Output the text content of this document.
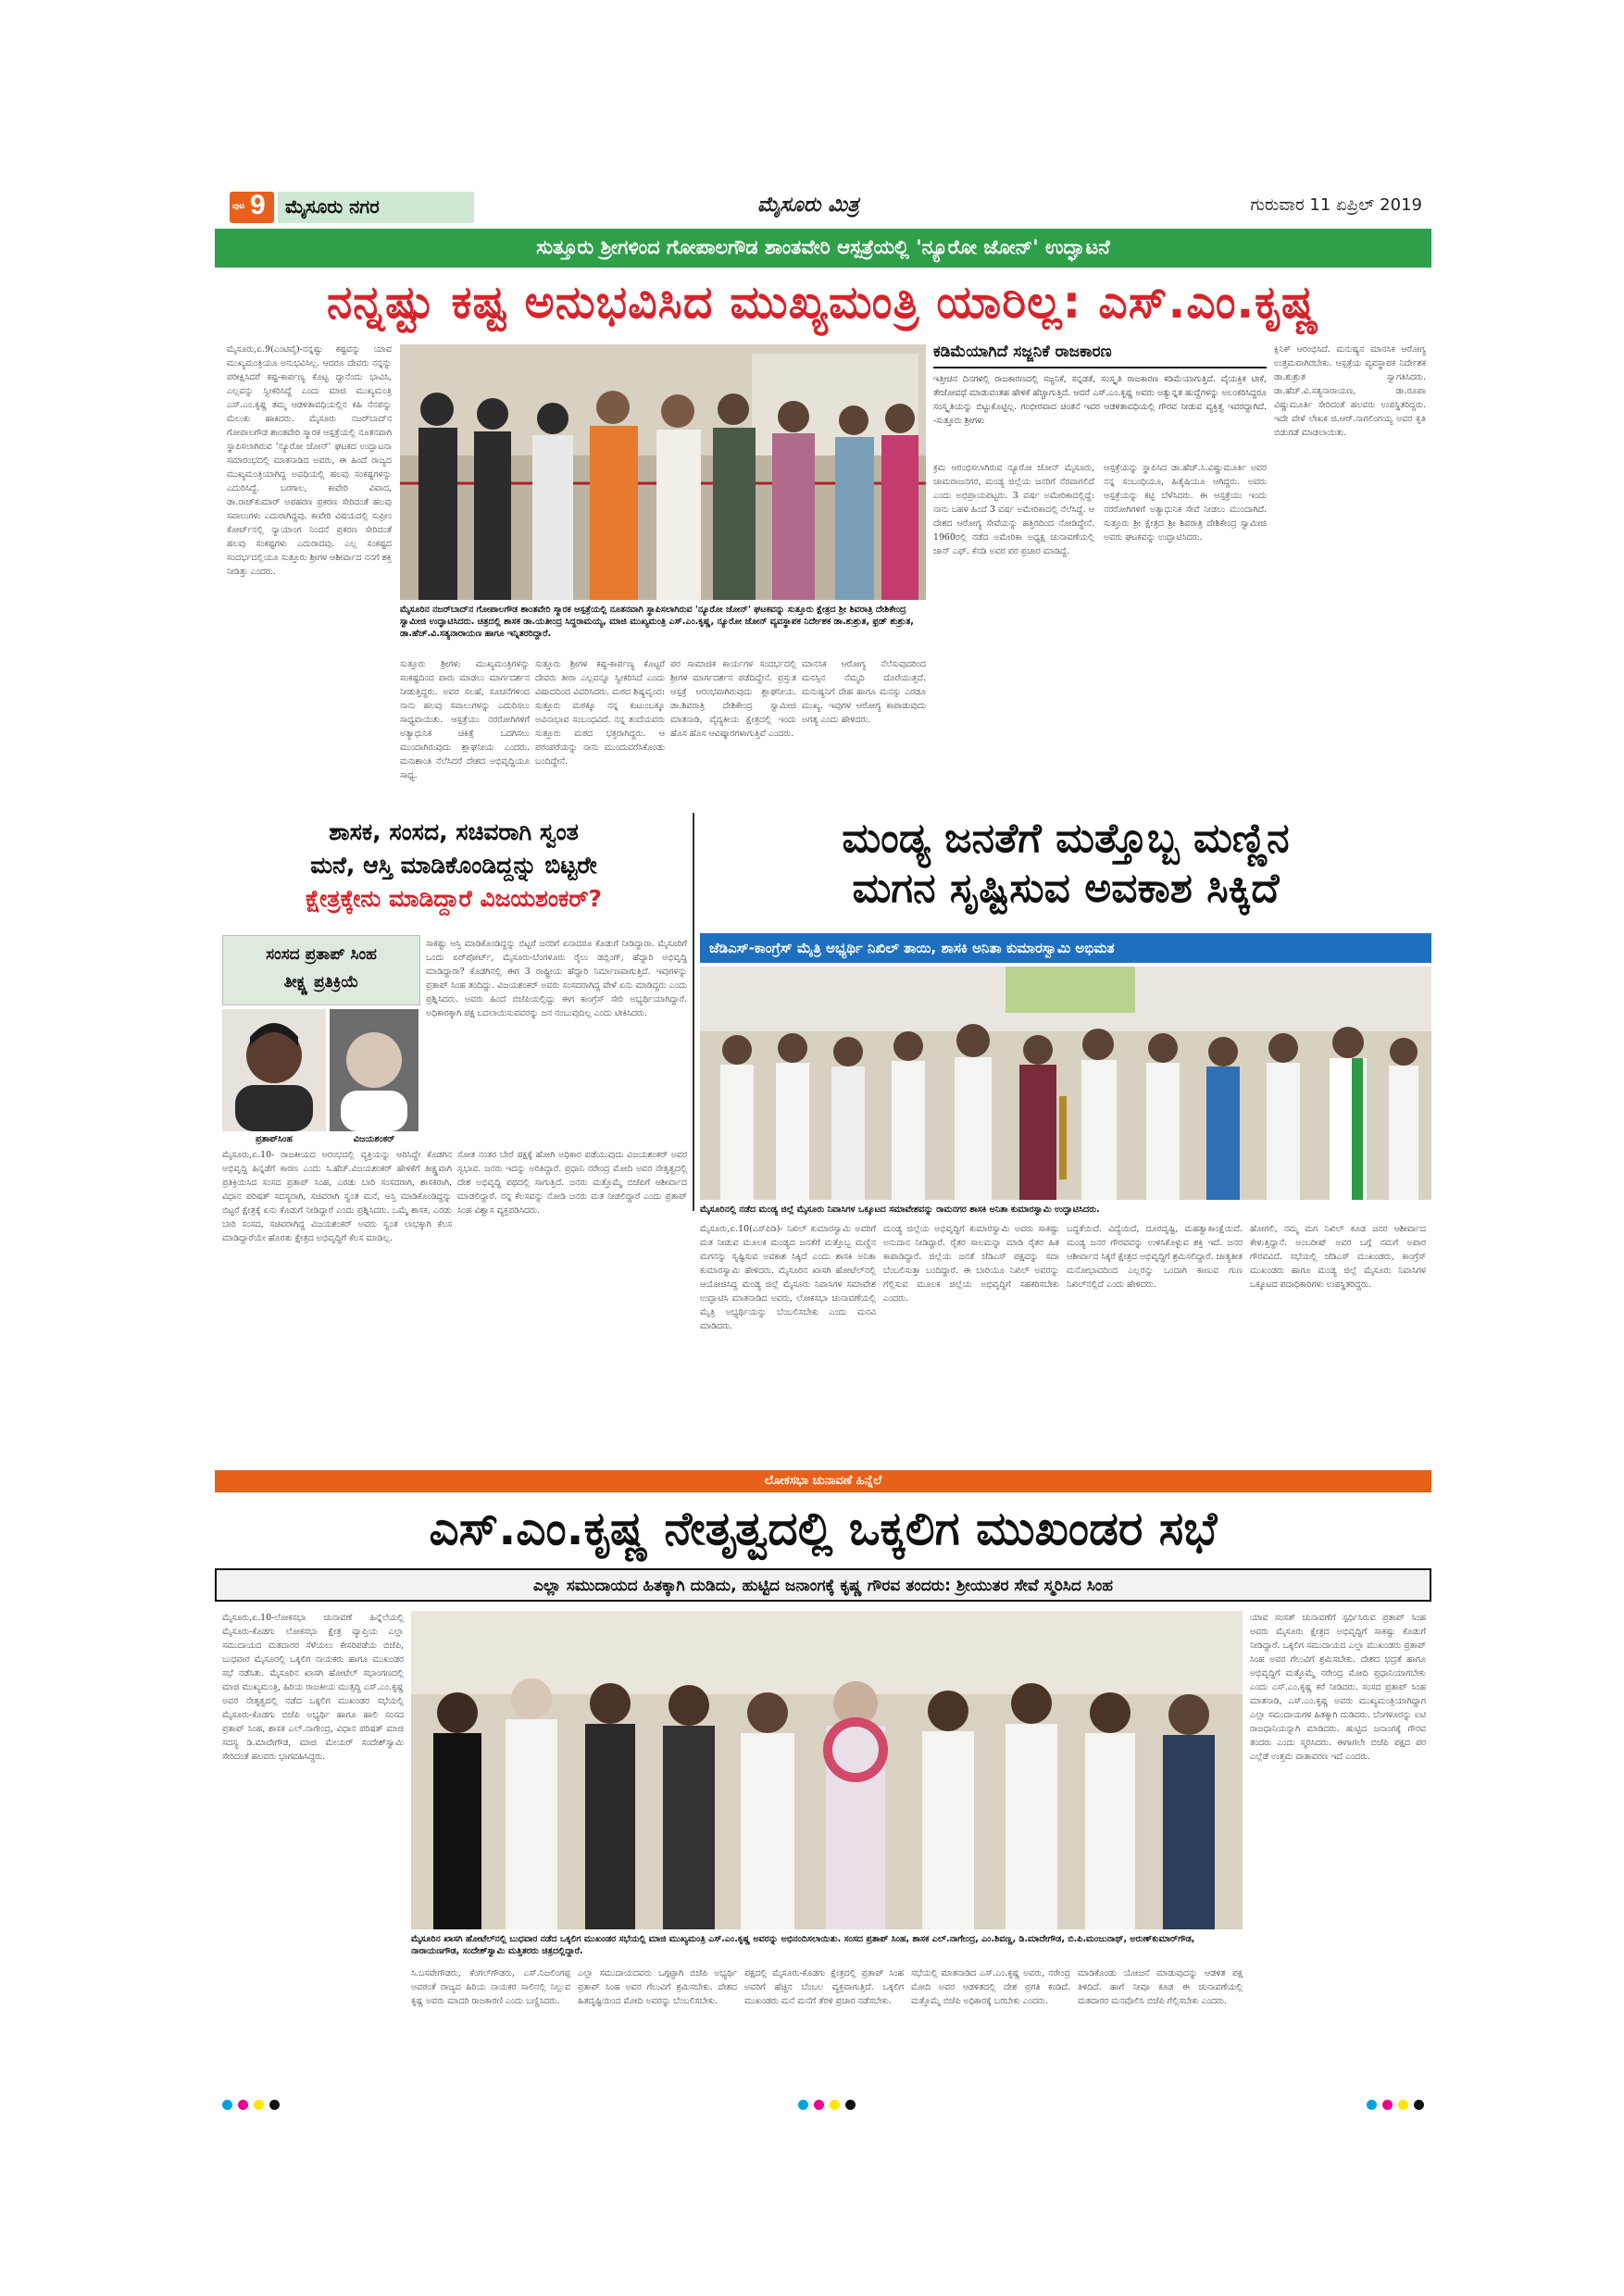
ಪುಟ 9 ಮೈಸೂರು ನಗರ	ಮೈಸೂರು ಮಿತ್ರ	ಗುರುವಾರ 11 ಏಪ್ರಿಲ್ 2019
ಸುತ್ತೂರು ಶ್ರೀಗಳಿಂದ ಗೋಪಾಲಗೌಡ ಶಾಂತವೇರಿ ಆಸ್ಪತ್ರೆಯಲ್ಲಿ 'ನ್ಯೂರೋ ಜೋನ್' ಉದ್ಘಾಟನೆ
ನನ್ನಷ್ಟು ಕಷ್ಟ ಅನುಭವಿಸಿದ ಮುಖ್ಯಮಂತ್ರಿ ಯಾರಿಲ್ಲ: ಎಸ್.ಎಂ.ಕೃಷ್ಣ
ಮೈಸೂರು,ಏ.9(ಎಂಟಿವೈ)-ನನ್ನಷ್ಟು ಕಷ್ಟವನ್ನು ಯಾವ ಮುಖ್ಯಮಂತ್ರಿಯೂ ಅನುಭವಿಸಿಲ್ಲ. ಆದರೂ ದೇವರು ನನ್ನನ್ನು ಪರೀಕ್ಷಿಸಿದರೆ ಕಷ್ಟ-ಕಾರ್ಪಣ್ಯ ಕೊಟ್ಟ ದ್ದಾನೆಂದು ಭಾವಿಸಿ, ಎಲ್ಲವನ್ನು ಸ್ವೀಕರಿಸಿದ್ದೆ ಎಂದು ಮಾಜಿ ಮುಖ್ಯಮಂತ್ರಿ ಎಸ್.ಎಂ.ಕೃಷ್ಣ ತಮ್ಮ ಆಡಳಿತಾವಧಿಯಲ್ಲಿನ ಕಹಿ ನೆನಪನ್ನು ಮೆಲುಕು ಹಾಕಿದರು. ಮೈಸೂರು ನಜರ್‌ಬಾದ್‌ನ ಗೋಪಾಲಗೌಡ ಶಾಂತವೇರಿ ಸ್ಮಾರಕ ಆಸ್ಪತ್ರೆಯಲ್ಲಿ ನೂತನವಾಗಿ ಸ್ಥಾಪಿಸಲಾಗಿರುವ 'ನ್ಯೂರೋ ಜೋನ್' ಘಟಕದ ಉದ್ಘಾಟನಾ ಸಮಾರಂಭದಲ್ಲಿ ಮಾತನಾಡಿದ ಅವರು, ಈ ಹಿಂದೆ ರಾಜ್ಯದ ಮುಖ್ಯಮಂತ್ರಿಯಾಗಿದ್ದ ಅವಧಿಯಲ್ಲಿ ಹಲವು ಸಂಕಷ್ಟಗಳನ್ನು ಎದುರಿಸಿದ್ದೆ. ಬರಗಾಲ, ಕಾವೇರಿ ವಿವಾದ, ಡಾ.ರಾಜ್‌ಕುಮಾರ್ ಅಪಹರಣ ಪ್ರಕರಣ ಸೇರಿದಂತೆ ಹಲವು ಸವಾಲುಗಳು ಎದುರಾಗಿದ್ದವು. ಕಾವೇರಿ ವಿಷಯದಲ್ಲಿ ಸುಪ್ರೀಂ ಕೋರ್ಟ್‌ನಲ್ಲಿ ನ್ಯಾಯಾಂಗ ನಿಂದನೆ ಪ್ರಕರಣ ಸೇರಿದಂತೆ ಹಲವು ಸಂಕಷ್ಟಗಳು ಎದುರಾದವು. ಎಲ್ಲ ಸಂಕಷ್ಟದ ಸಂದರ್ಭದಲ್ಲಿಯೂ ಸುತ್ತೂರು ಶ್ರೀಗಳ ಆಶೀರ್ವಾದ ನನಗೆ ಶಕ್ತಿ ನೀಡಿತ್ತು ಎಂದರು.
ಮೈಸೂರಿನ ನಜರ್‌ಬಾದ್‌ನ ಗೋಪಾಲಗೌಡ ಶಾಂತವೇರಿ ಸ್ಮಾರಕ ಆಸ್ಪತ್ರೆಯಲ್ಲಿ ನೂತನವಾಗಿ ಸ್ಥಾಪಿಸಲಾಗಿರುವ 'ನ್ಯೂರೋ ಜೋನ್' ಘಟಕವನ್ನು ಸುತ್ತೂರು ಕ್ಷೇತ್ರದ ಶ್ರೀ ಶಿವರಾತ್ರಿ ದೇಶಿಕೇಂದ್ರ ಸ್ವಾಮೀಜಿ ಉದ್ಘಾಟಿಸಿದರು. ಚಿತ್ರದಲ್ಲಿ ಶಾಸಕ ಡಾ.ಯತೀಂದ್ರ ಸಿದ್ದರಾಮಯ್ಯ, ಮಾಜಿ ಮುಖ್ಯಮಂತ್ರಿ ಎಸ್.ಎಂ.ಕೃಷ್ಣ, ನ್ಯೂರೋ ಜೋನ್ ವ್ಯವಸ್ಥಾಪಕ ನಿರ್ದೇಶಕ ಡಾ.ಶುಶ್ರುತ, ಫ್ರಡ್ ಶುಶ್ರುತ, ಡಾ.ಹೆಚ್.ವಿ.ಸತ್ಯನಾರಾಯಣ ಹಾಗೂ ಇನ್ನಿತರರಿದ್ದಾರೆ.
ಸುತ್ತೂರು ಶ್ರೀಗಳು ಮುಖ್ಯಮಂತ್ರಿಗಳನ್ನು ಸಂಕಷ್ಟದಿಂದ ಪಾರು ಮಾಡಲು ಮಾರ್ಗದರ್ಶನ ನೀಡುತ್ತಿದ್ದರು. ಅವರ ಸಲಹೆ, ಸೂಚನೆಗಳಿಂದ ನಾನು ಹಲವು ಸವಾಲುಗಳನ್ನು ಎದುರಿಸಲು ಸಾಧ್ಯವಾಯಿತು. ಆಸ್ಪತ್ರೆಯು ನರರೋಗಿಗಳಿಗೆ ಅತ್ಯಾಧುನಿಕ ಚಿಕಿತ್ಸೆ ಒದಗಿಸಲು ಮುಂದಾಗಿರುವುದು ಶ್ಲಾಘನೀಯ ಎಂದರು. ಮನಃಶಾಂತಿ ನೆಲೆಸಿದರೆ ದೇಶದ ಅಭಿವೃದ್ಧಿಯೂ ಸಾಧ್ಯ.
ಸುತ್ತೂರು ಶ್ರೀಗಳ ಕಷ್ಟ-ಕಾರ್ಪಣ್ಯ ಕೊಟ್ಟರೆ ದೇವರು ತೀರಾ ಎಲ್ಲವನ್ನೂ ಸ್ವೀಕರಿಸಿದೆ ಎಂದು ವಿಷಾದದಿಂದ ವಿವರಿಸಿದರು. ಮಠದ ಶಿಷ್ಯವೃಂದ: ಸುತ್ತೂರು ಮಠಕ್ಕೂ ನನ್ನ ಕುಟುಂಬಕ್ಕೂ ಅವಿನಾಭಾವ ಸಂಬಂಧವಿದೆ. ನನ್ನ ತಂದೆಯವರು ಸುತ್ತೂರು ಮಠದ ಭಕ್ತರಾಗಿದ್ದರು. ಆ ಪರಂಪರೆಯನ್ನು ನಾನು ಮುಂದುವರೆಸಿಕೊಂಡು ಬಂದಿದ್ದೇನೆ.
ಪರ ಸಾಮಾಜಿಕ ಕಾರ್ಯಗಳ ಸಂದರ್ಭದಲ್ಲಿ ಶ್ರೀಗಳ ಮಾರ್ಗದರ್ಶನ ಪಡೆದಿದ್ದೇನೆ. ಪ್ರಸ್ತುತ ಆಸ್ಪತ್ರೆ ಆರಂಭವಾಗಿರುವುದು ಶ್ಲಾಘನೀಯ. ಡಾ.ಶಿವರಾತ್ರಿ ದೇಶಿಕೇಂದ್ರ ಸ್ವಾಮೀಜಿ ಮಾತನಾಡಿ, ವೈದ್ಯಕೀಯ ಕ್ಷೇತ್ರದಲ್ಲಿ ಇಂದು ಹೊಸ ಹೊಸ ಆವಿಷ್ಕಾರಗಳಾಗುತ್ತಿವೆ ಎಂದರು.
ಮಾನಸಿಕ ಆರೋಗ್ಯ ನೆಲೆಸುವುದರಿಂದ ಮನಸ್ಸಿನ ನೆಮ್ಮದಿ ದೊರೆಯುತ್ತದೆ. ಮನುಷ್ಯನಿಗೆ ದೇಹ ಹಾಗೂ ಮನಸ್ಸು ಎರಡೂ ಮುಖ್ಯ. ಇವುಗಳ ಆರೋಗ್ಯ ಕಾಪಾಡುವುದು ಅಗತ್ಯ ಎಂದು ಹೇಳಿದರು.
ಕಡಿಮೆಯಾಗಿದೆ ಸಜ್ಜನಿಕೆ ರಾಜಕಾರಣ
ಇತ್ತೀಚಿನ ದಿನಗಳಲ್ಲಿ ರಾಜಕಾರಣದಲ್ಲಿ ಸಜ್ಜನಿಕೆ, ಸನ್ನಡತೆ, ಸಂಸ್ಕೃತಿ ರಾಜಕಾರಣ ಕಡಿಮೆಯಾಗುತ್ತಿದೆ. ವೈಯಕ್ತಿಕ ಟೀಕೆ, ತೇಜೋವಧೆ ಮಾಡುವಂತಹ ಹೇಳಿಕೆ ಹೆಚ್ಚಾಗುತ್ತಿದೆ. ಆದರೆ ಎಸ್.ಎಂ.ಕೃಷ್ಣ ಅವರು ಅತ್ಯುನ್ನತ ಹುದ್ದೆಗಳನ್ನು ಅಲಂಕರಿಸಿದ್ದರೂ ಸಂಸ್ಕೃತಿಯನ್ನು ಬಿಟ್ಟುಕೊಟ್ಟಿಲ್ಲ. ಗಂಭೀರವಾದ ಚಿಂತನೆ ಇವರ ಆಡಳಿತಾವಧಿಯಲ್ಲಿ ಗೌರವ ನೀಡುವ ವ್ಯಕ್ತಿತ್ವ ಇವರದ್ದಾಗಿದೆ. -ಸುತ್ತೂರು ಶ್ರೀಗಳು
ಕ್ರಮ ಆರಂಭಿಸಲಾಗಿರುವ ನ್ಯೂರೋ ಜೋನ್ ಮೈಸೂರು, ಚಾಮರಾಜನಗರ, ಮಂಡ್ಯ ಜಿಲ್ಲೆಯ ಜನರಿಗೆ ನೆರವಾಗಲಿದೆ ಎಂದು ಅಭಿಪ್ರಾಯಪಟ್ಟರು. 3 ವರ್ಷ ಅಮೇರಿಕಾದಲ್ಲಿದ್ದೆ: ನಾನು ಬಹಳ ಹಿಂದೆ 3 ವರ್ಷ ಅಮೇರಿಕಾದಲ್ಲಿ ನೆಲೆಸಿದ್ದೆ. ಆ ದೇಶದ ಆರೋಗ್ಯ ಸೇವೆಯನ್ನು ಹತ್ತಿರದಿಂದ ನೋಡಿದ್ದೇನೆ. 1960ರಲ್ಲಿ ನಡೆದ ಅಮೇರಿಕಾ ಅಧ್ಯಕ್ಷ ಚುನಾವಣೆಯಲ್ಲಿ ಜಾನ್ ಎಫ್. ಕೆನಡಿ ಅವರ ಪರ ಪ್ರಚಾರ ಮಾಡಿದ್ದೆ.
ಆಸ್ಪತ್ರೆಯನ್ನು ಸ್ಥಾಪಿಸಿದ ಡಾ.ಹೆಚ್.ಸಿ.ವಿಷ್ಣುಮೂರ್ತಿ ಅವರ ನನ್ನ ಸಂಬಂಧಿಯೂ, ಹಿತೈಷಿಯೂ ಆಗಿದ್ದರು. ಅವರು ಆಸ್ಪತ್ರೆಯನ್ನು ಕಟ್ಟಿ ಬೆಳೆಸಿದರು. ಈ ಆಸ್ಪತ್ರೆಯು ಇಂದು ನರರೋಗಿಗಳಿಗೆ ಅತ್ಯಾಧುನಿಕ ಸೇವೆ ನೀಡಲು ಮುಂದಾಗಿದೆ. ಸುತ್ತೂರು ಶ್ರೀ ಕ್ಷೇತ್ರದ ಶ್ರೀ ಶಿವರಾತ್ರಿ ದೇಶಿಕೇಂದ್ರ ಸ್ವಾಮೀಜಿ ಅವರು ಘಟಕವನ್ನು ಉದ್ಘಾಟಿಸಿದರು.
ಕ್ಲಿನಿಕ್ ಆರಂಭಿಸಿದೆ. ಮನುಷ್ಯನ ಮಾನಸಿಕ ಆರೋಗ್ಯ ಉತ್ತಮವಾಗಿರಬೇಕು. ಆಸ್ಪತ್ರೆಯ ವ್ಯವಸ್ಥಾಪಕ ನಿರ್ದೇಶಕ ಡಾ.ಶುಶ್ರುತ ಸ್ವಾಗತಿಸಿದರು. ಡಾ.ಹೆಚ್.ವಿ.ಸತ್ಯನಾರಾಯಣ, ಡಾ.ರೂಪಾ ವಿಷ್ಣುಮೂರ್ತಿ ಸೇರಿದಂತೆ ಹಲವರು ಉಪಸ್ಥಿತರಿದ್ದರು. ಇದೇ ವೇಳೆ ಲೇಖಕ ಜಿ.ಆರ್.ನಾಗಲಿಂಗಯ್ಯ ಅವರ ಕೃತಿ ಬಿಡುಗಡೆ ಮಾಡಲಾಯಿತು.
ಶಾಸಕ, ಸಂಸದ, ಸಚಿವರಾಗಿ ಸ್ವಂತ
ಮನೆ, ಆಸ್ತಿ ಮಾಡಿಕೊಂಡಿದ್ದನ್ನು ಬಿಟ್ಟರೇ
ಕ್ಷೇತ್ರಕ್ಕೇನು ಮಾಡಿದ್ದಾರೆ ವಿಜಯಶಂಕರ್?
ಸಂಸದ ಪ್ರತಾಪ್ ಸಿಂಹ
ತೀಕ್ಷ್ಣ ಪ್ರತಿಕ್ರಿಯೆ
ಪ್ರತಾಪ್‌ಸಿಂಹ	ವಿಜಯಶಂಕರ್
ಸಾಕಷ್ಟು ಆಸ್ತಿ ಮಾಡಿಕೊಂಡಿದ್ದನ್ನು ಬಿಟ್ಟರೆ ಜನರಿಗೆ ಏನಾದರೂ ಕೊಡುಗೆ ನೀಡಿದ್ದಾರಾ. ಮೈಸೂರಿಗೆ ಒಂದು ಏರ್‌ಪೋರ್ಟ್, ಮೈಸೂರು-ಬೆಂಗಳೂರು ರೈಲು ಡಬ್ಲಿಂಗ್, ಹೆದ್ದಾರಿ ಅಭಿವೃದ್ಧಿ ಮಾಡಿದ್ದಾರಾ? ಕೊಡಗಿನಲ್ಲಿ ಈಗ 3 ರಾಷ್ಟ್ರೀಯ ಹೆದ್ದಾರಿ ನಿರ್ಮಾಣವಾಗುತ್ತಿದೆ. ಇವುಗಳನ್ನು ಪ್ರತಾಪ್ ಸಿಂಹ ತಂದಿದ್ದು. ವಿಜಯಶಂಕರ್ ಅವರು ಸಂಸದರಾಗಿದ್ದ ವೇಳೆ ಏನು ಮಾಡಿದ್ದರು ಎಂದು ಪ್ರಶ್ನಿಸಿದರು. ಅವರು ಹಿಂದೆ ಬಿಜೆಪಿಯಲ್ಲಿದ್ದು ಈಗ ಕಾಂಗ್ರೆಸ್ ಸೇರಿ ಅಭ್ಯರ್ಥಿಯಾಗಿದ್ದಾರೆ. ಅಧಿಕಾರಕ್ಕಾಗಿ ಪಕ್ಷ ಬದಲಾಯಿಸುವವರನ್ನು ಜನ ನಂಬುವುದಿಲ್ಲ ಎಂದು ಟೀಕಿಸಿದರು.
ಮೈಸೂರು,ಏ.10- ರಾಜಕೀಯದ ಆರಂಭದಲ್ಲಿ ವ್ಯಕ್ತಿಯನ್ನು ಆರಿಸಿದ್ದೇ ಕೊಡಗಿನ ಅಭಿವೃದ್ಧಿ ಹಿನ್ನಡೆಗೆ ಕಾರಣ ಎಂದು ಸಿ.ಹೆಚ್.ವಿಜಯಶಂಕರ್ ಹೇಳಿಕೆಗೆ ತೀಕ್ಷ್ಣವಾಗಿ ಪ್ರತಿಕ್ರಿಯಿಸಿದ ಸಂಸದ ಪ್ರತಾಪ್ ಸಿಂಹ, ಎರಡು ಬಾರಿ ಸಂಸದರಾಗಿ, ಶಾಸಕರಾಗಿ, ವಿಧಾನ ಪರಿಷತ್ ಸದಸ್ಯರಾಗಿ, ಸಚಿವರಾಗಿ ಸ್ವಂತ ಮನೆ, ಆಸ್ತಿ ಮಾಡಿಕೊಂಡಿದ್ದನ್ನು ಬಿಟ್ಟರೆ ಕ್ಷೇತ್ರಕ್ಕೆ ಏನು ಕೊಡುಗೆ ನೀಡಿದ್ದಾರೆ ಎಂದು ಪ್ರಶ್ನಿಸಿದರು. ಒಮ್ಮೆ ಶಾಸಕ, ಎರಡು ಬಾರಿ ಸಂಸದ, ಸಚಿವರಾಗಿದ್ದ ವಿಜಯಶಂಕರ್ ಅವರು ಸ್ವಂತ ಲಾಭಕ್ಕಾಗಿ ಕೆಲಸ ಮಾಡಿದ್ದಾರೆಯೇ ಹೊರತು ಕ್ಷೇತ್ರದ ಅಭಿವೃದ್ಧಿಗೆ ಕೆಲಸ ಮಾಡಿಲ್ಲ.
ಸೋತ ನಂತರ ಬೇರೆ ಪಕ್ಷಕ್ಕೆ ಹೋಗಿ ಅಧಿಕಾರ ಪಡೆಯುವುದು ವಿಜಯಶಂಕರ್ ಅವರ ಸ್ವಭಾವ. ಜನರು ಇದನ್ನು ಅರಿತಿದ್ದಾರೆ. ಪ್ರಧಾನಿ ನರೇಂದ್ರ ಮೋದಿ ಅವರ ನೇತೃತ್ವದಲ್ಲಿ ದೇಶ ಅಭಿವೃದ್ಧಿ ಪಥದಲ್ಲಿ ಸಾಗುತ್ತಿದೆ. ಜನರು ಮತ್ತೊಮ್ಮೆ ಬಿಜೆಪಿಗೆ ಆಶೀರ್ವಾದ ಮಾಡಲಿದ್ದಾರೆ. ನನ್ನ ಕೆಲಸವನ್ನು ನೋಡಿ ಜನರು ಮತ ನೀಡಲಿದ್ದಾರೆ ಎಂದು ಪ್ರತಾಪ್ ಸಿಂಹ ವಿಶ್ವಾಸ ವ್ಯಕ್ತಪಡಿಸಿದರು.
ಮಂಡ್ಯ ಜನತೆಗೆ ಮತ್ತೊಬ್ಬ ಮಣ್ಣಿನ
ಮಗನ ಸೃಷ್ಟಿಸುವ ಅವಕಾಶ ಸಿಕ್ಕಿದೆ
ಜೆಡಿಎಸ್-ಕಾಂಗ್ರೆಸ್ ಮೈತ್ರಿ ಅಭ್ಯರ್ಥಿ ನಿಖಿಲ್ ತಾಯಿ, ಶಾಸಕಿ ಅನಿತಾ ಕುಮಾರಸ್ವಾಮಿ ಅಭಿಮತ
ಮೈಸೂರಿನಲ್ಲಿ ನಡೆದ ಮಂಡ್ಯ ಜಿಲ್ಲೆ ಮೈಸೂರು ನಿವಾಸಿಗಳ ಒಕ್ಕೂಟದ ಸಮಾವೇಶವನ್ನು ರಾಮನಗರ ಶಾಸಕಿ ಅನಿತಾ ಕುಮಾರಸ್ವಾಮಿ ಉದ್ಘಾಟಿಸಿದರು.
ಮೈಸೂರು,ಏ.10(ಎಸ್‌ಪಿಡಿ)- ನಿಖಿಲ್ ಕುಮಾರಸ್ವಾಮಿ ಅವರಿಗೆ ಮತ ನೀಡುವ ಮೂಲಕ ಮಂಡ್ಯದ ಜನತೆಗೆ ಮತ್ತೊಬ್ಬ ಮಣ್ಣಿನ ಮಗನನ್ನು ಸೃಷ್ಟಿಸುವ ಅವಕಾಶ ಸಿಕ್ಕಿದೆ ಎಂದು ಶಾಸಕಿ ಅನಿತಾ ಕುಮಾರಸ್ವಾಮಿ ಹೇಳಿದರು. ಮೈಸೂರಿನ ಖಾಸಗಿ ಹೋಟೆಲ್‌ನಲ್ಲಿ ಆಯೋಜಿಸಿದ್ದ ಮಂಡ್ಯ ಜಿಲ್ಲೆ ಮೈಸೂರು ನಿವಾಸಿಗಳ ಸಮಾವೇಶ ಉದ್ಘಾಟಿಸಿ ಮಾತನಾಡಿದ ಅವರು, ಲೋಕಸಭಾ ಚುನಾವಣೆಯಲ್ಲಿ ಮೈತ್ರಿ ಅಭ್ಯರ್ಥಿಯನ್ನು ಬೆಂಬಲಿಸಬೇಕು ಎಂದು ಮನವಿ ಮಾಡಿದರು.
ಮಂಡ್ಯ ಜಿಲ್ಲೆಯ ಅಭಿವೃದ್ಧಿಗೆ ಕುಮಾರಸ್ವಾಮಿ ಅವರು ಸಾಕಷ್ಟು ಅನುದಾನ ನೀಡಿದ್ದಾರೆ. ರೈತರ ಸಾಲಮನ್ನಾ ಮಾಡಿ ರೈತರ ಹಿತ ಕಾಪಾಡಿದ್ದಾರೆ. ಜಿಲ್ಲೆಯ ಜನತೆ ಜೆಡಿಎಸ್ ಪಕ್ಷವನ್ನು ಸದಾ ಬೆಂಬಲಿಸುತ್ತಾ ಬಂದಿದ್ದಾರೆ. ಈ ಬಾರಿಯೂ ನಿಖಿಲ್ ಅವರನ್ನು ಗೆಲ್ಲಿಸುವ ಮೂಲಕ ಜಿಲ್ಲೆಯ ಅಭಿವೃದ್ಧಿಗೆ ಸಹಕರಿಸಬೇಕು ಎಂದರು.
ಬದ್ಧತೆಯಿದೆ. ವಿದ್ಯೆಯಿದೆ, ದೂರದೃಷ್ಟಿ, ಮಹತ್ವಾಕಾಂಕ್ಷೆಯಿದೆ. ಮಂಡ್ಯ ಜನರ ಗೌರವವನ್ನು ಉಳಿಸಿಕೊಳ್ಳುವ ಶಕ್ತಿ ಇದೆ. ಜನರ ಆಶೀರ್ವಾದ ಸಿಕ್ಕರೆ ಕ್ಷೇತ್ರದ ಅಭಿವೃದ್ಧಿಗೆ ಶ್ರಮಿಸಲಿದ್ದಾರೆ. ಜಾತ್ಯತೀತ ಮನೋಭಾವದಿಂದ ಎಲ್ಲರನ್ನು ಒಂದಾಗಿ ಕಾಣುವ ಗುಣ ನಿಖಿಲ್‌ನಲ್ಲಿದೆ ಎಂದು ಹೇಳಿದರು.
ಹೋಗಲಿ, ನಮ್ಮ ಮಗ ನಿಖಿಲ್ ಕೂಡ ಜನರ ಆಶೀರ್ವಾದ ಕೇಳುತ್ತಿದ್ದಾನೆ. ಅಂಬರೀಷ್ ಅವರ ಬಗ್ಗೆ ನಮಗೆ ಅಪಾರ ಗೌರವವಿದೆ. ಸಭೆಯಲ್ಲಿ ಜೆಡಿಎಸ್ ಮುಖಂಡರು, ಕಾಂಗ್ರೆಸ್ ಮುಖಂಡರು ಹಾಗೂ ಮಂಡ್ಯ ಜಿಲ್ಲೆ ಮೈಸೂರು ನಿವಾಸಿಗಳ ಒಕ್ಕೂಟದ ಪದಾಧಿಕಾರಿಗಳು ಉಪಸ್ಥಿತರಿದ್ದರು.
ಲೋಕಸಭಾ ಚುನಾವಣೆ ಹಿನ್ನೆಲೆ
ಎಸ್.ಎಂ.ಕೃಷ್ಣ ನೇತೃತ್ವದಲ್ಲಿ ಒಕ್ಕಲಿಗ ಮುಖಂಡರ ಸಭೆ
ಎಲ್ಲಾ ಸಮುದಾಯದ ಹಿತಕ್ಕಾಗಿ ದುಡಿದು, ಹುಟ್ಟಿದ ಜನಾಂಗಕ್ಕೆ ಕೃಷ್ಣ ಗೌರವ ತಂದರು: ಶ್ರೀಯುತರ ಸೇವೆ ಸ್ಮರಿಸಿದ ಸಿಂಹ
ಮೈಸೂರು,ಏ.10-ಲೋಕಸಭಾ ಚುನಾವಣೆ ಹಿನ್ನೆಲೆಯಲ್ಲಿ ಮೈಸೂರು-ಕೊಡಗು ಲೋಕಸಭಾ ಕ್ಷೇತ್ರ ವ್ಯಾಪ್ತಿಯ ಎಲ್ಲಾ ಸಮುದಾಯದ ಮತದಾರರ ಸೆಳೆಯಲು ಕೇಸರಿಪಡೆಯ ಬಿಜೆಪಿ, ಬುಧವಾರ ಮೈಸೂರಲ್ಲಿ ಒಕ್ಕಲಿಗ ನಾಯಕರು ಹಾಗೂ ಮುಖಂಡರ ಸಭೆ ನಡೆಸಿತು. ಮೈಸೂರಿನ ಖಾಸಗಿ ಹೋಟೆಲ್ ಸಭಾಂಗಣದಲ್ಲಿ ಮಾಜಿ ಮುಖ್ಯಮಂತ್ರಿ, ಹಿರಿಯ ರಾಜಕೀಯ ಮುತ್ಸದ್ದಿ ಎಸ್.ಎಂ.ಕೃಷ್ಣ ಅವರ ನೇತೃತ್ವದಲ್ಲಿ ನಡೆದ ಒಕ್ಕಲಿಗ ಮುಖಂಡರ ಸಭೆಯಲ್ಲಿ ಮೈಸೂರು-ಕೊಡಗು ಬಿಜೆಪಿ ಅಭ್ಯರ್ಥಿ ಹಾಗೂ ಹಾಲಿ ಸಂಸದ ಪ್ರತಾಪ್ ಸಿಂಹ, ಶಾಸಕ ಎಲ್.ನಾಗೇಂದ್ರ, ವಿಧಾನ ಪರಿಷತ್ ಮಾಜಿ ಸದಸ್ಯ ಡಿ.ಮಾದೇಗೌಡ, ಮಾಜಿ ಮೇಯರ್ ಸಂದೇಶ್‌ಸ್ವಾಮಿ ಸೇರಿದಂತೆ ಹಲವರು ಭಾಗವಹಿಸಿದ್ದರು.
ಮೈಸೂರಿನ ಖಾಸಗಿ ಹೋಟೆಲ್‌ನಲ್ಲಿ ಬುಧವಾರ ನಡೆದ ಒಕ್ಕಲಿಗ ಮುಖಂಡರ ಸಭೆಯಲ್ಲಿ ಮಾಜಿ ಮುಖ್ಯಮಂತ್ರಿ ಎಸ್.ಎಂ.ಕೃಷ್ಣ ಅವರನ್ನು ಅಭಿನಂದಿಸಲಾಯಿತು. ಸಂಸದ ಪ್ರತಾಪ್ ಸಿಂಹ, ಶಾಸಕ ಎಲ್.ನಾಗೇಂದ್ರ, ಎಂ.ಶಿವಣ್ಣ, ಡಿ.ಮಾದೇಗೌಡ, ಬಿ.ಪಿ.ಮಂಜುನಾಥ್, ಅರುಣ್‌ಕುಮಾರ್‌ಗೌಡ, ನಾರಾಯಣಗೌಡ, ಸಂದೇಶ್‌ಸ್ವಾಮಿ ಮತ್ತಿತರರು ಚಿತ್ರದಲ್ಲಿದ್ದಾರೆ.
ಯಾವ ಸಂಸತ್ ಚುನಾವಣೆಗೆ ಸ್ಪರ್ಧಿಸಿರುವ ಪ್ರತಾಪ್ ಸಿಂಹ ಅವರು ಮೈಸೂರು ಕ್ಷೇತ್ರದ ಅಭಿವೃದ್ಧಿಗೆ ಸಾಕಷ್ಟು ಕೊಡುಗೆ ನೀಡಿದ್ದಾರೆ. ಒಕ್ಕಲಿಗ ಸಮುದಾಯದ ಎಲ್ಲಾ ಮುಖಂಡರು ಪ್ರತಾಪ್ ಸಿಂಹ ಅವರ ಗೆಲುವಿಗೆ ಶ್ರಮಿಸಬೇಕು. ದೇಶದ ಭದ್ರತೆ ಹಾಗೂ ಅಭಿವೃದ್ಧಿಗೆ ಮತ್ತೊಮ್ಮೆ ನರೇಂದ್ರ ಮೋದಿ ಪ್ರಧಾನಿಯಾಗಬೇಕು ಎಂದು ಎಸ್.ಎಂ.ಕೃಷ್ಣ ಕರೆ ನೀಡಿದರು. ಸಂಸದ ಪ್ರತಾಪ್ ಸಿಂಹ ಮಾತನಾಡಿ, ಎಸ್.ಎಂ.ಕೃಷ್ಣ ಅವರು ಮುಖ್ಯಮಂತ್ರಿಯಾಗಿದ್ದಾಗ ಎಲ್ಲಾ ಸಮುದಾಯಗಳ ಹಿತಕ್ಕಾಗಿ ದುಡಿದರು. ಬೆಂಗಳೂರನ್ನು ಐಟಿ ರಾಜಧಾನಿಯನ್ನಾಗಿ ಮಾಡಿದರು. ಹುಟ್ಟಿದ ಜನಾಂಗಕ್ಕೆ ಗೌರವ ತಂದರು ಎಂದು ಸ್ಮರಿಸಿದರು. ಈಗಾಗಲೇ ಬಿಜೆಪಿ ಪಕ್ಷದ ಪರ ಎಲ್ಲೆಡೆ ಉತ್ತಮ ವಾತಾವರಣ ಇದೆ ಎಂದರು.
ಸಿ.ಬಸವೇಗೌಡರು, ಕೆಂಗಲ್‌ಗೌಡರು, ಎಸ್.ನಿಜಲಿಂಗಪ್ಪ ಅವರಂತೆ ರಾಜ್ಯದ ಹಿರಿಯ ನಾಯಕರ ಸಾಲಿನಲ್ಲಿ ನಿಲ್ಲುವ ಕೃಷ್ಣ ಅವರು ಮಾದರಿ ರಾಜಕಾರಣಿ ಎಂದು ಬಣ್ಣಿಸಿದರು.
ಎಲ್ಲಾ ಸಮುದಾಯದವರು ಒಗ್ಗಟ್ಟಾಗಿ ಬಿಜೆಪಿ ಅಭ್ಯರ್ಥಿ ಪ್ರತಾಪ್ ಸಿಂಹ ಅವರ ಗೆಲುವಿಗೆ ಶ್ರಮಿಸಬೇಕು. ದೇಶದ ಹಿತದೃಷ್ಟಿಯಿಂದ ಮೋದಿ ಅವರನ್ನು ಬೆಂಬಲಿಸಬೇಕು.
ಪಕ್ಷದಲ್ಲಿ ಮೈಸೂರು-ಕೊಡಗು ಕ್ಷೇತ್ರದಲ್ಲಿ ಪ್ರತಾಪ್ ಸಿಂಹ ಅವರಿಗೆ ಹೆಚ್ಚಿನ ಬೆಂಬಲ ವ್ಯಕ್ತವಾಗುತ್ತಿದೆ. ಒಕ್ಕಲಿಗ ಮುಖಂಡರು ಮನೆ ಮನೆಗೆ ತೆರಳಿ ಪ್ರಚಾರ ನಡೆಸಬೇಕು.
ಸಭೆಯಲ್ಲಿ ಮಾತನಾಡಿದ ಎಸ್.ಎಂ.ಕೃಷ್ಣ ಅವರು, ನರೇಂದ್ರ ಮೋದಿ ಅವರ ಆಡಳಿತದಲ್ಲಿ ದೇಶ ಪ್ರಗತಿ ಕಂಡಿದೆ. ಮತ್ತೊಮ್ಮೆ ಬಿಜೆಪಿ ಅಧಿಕಾರಕ್ಕೆ ಬರಬೇಕು ಎಂದರು.
ಮಾಡಿಕೊಂಡು ಯೋಜನೆ ಮಾಡುವುದನ್ನು ಆಡಳಿತ ಪಕ್ಷ ತಿಳಿದಿದೆ. ಹಾಗೆ ನೀವೂ ಕೂಡ ಈ ಚುನಾವಣೆಯಲ್ಲಿ ಮತದಾರರ ಮನವೊಲಿಸಿ ಬಿಜೆಪಿ ಗೆಲ್ಲಿಸಬೇಕು ಎಂದರು.
